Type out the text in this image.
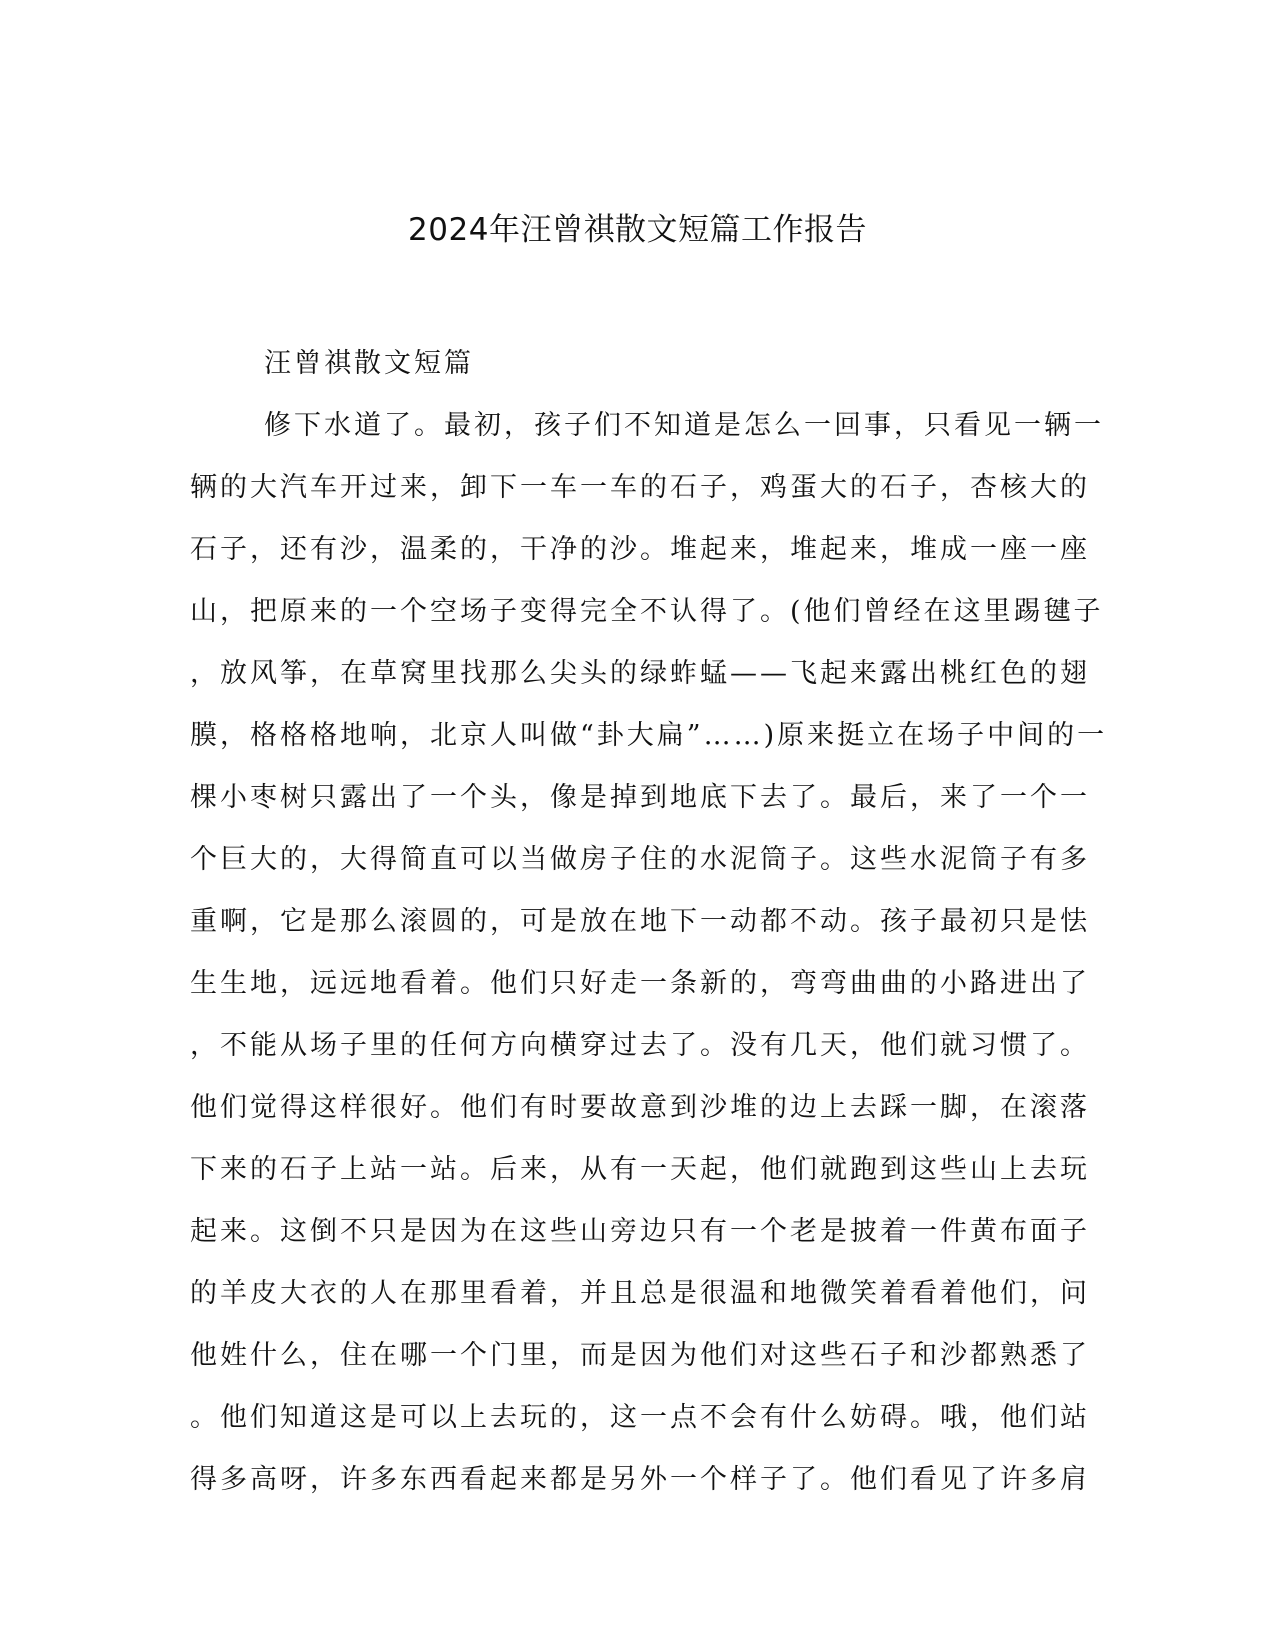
2024年汪曾祺散文短篇工作报告
汪曾祺散文短篇
修下水道了。最初，孩子们不知道是怎么一回事，只看见一辆一
辆的大汽车开过来，卸下一车一车的石子，鸡蛋大的石子，杏核大的
石子，还有沙，温柔的，干净的沙。堆起来，堆起来，堆成一座一座
山，把原来的一个空场子变得完全不认得了。(他们曾经在这里踢毽子
，放风筝，在草窝里找那么尖头的绿蚱蜢——飞起来露出桃红色的翅
膜，格格格地响，北京人叫做“卦大扁”……)原来挺立在场子中间的一
棵小枣树只露出了一个头，像是掉到地底下去了。最后，来了一个一
个巨大的，大得简直可以当做房子住的水泥筒子。这些水泥筒子有多
重啊，它是那么滚圆的，可是放在地下一动都不动。孩子最初只是怯
生生地，远远地看着。他们只好走一条新的，弯弯曲曲的小路进出了
，不能从场子里的任何方向横穿过去了。没有几天，他们就习惯了。
他们觉得这样很好。他们有时要故意到沙堆的边上去踩一脚，在滚落
下来的石子上站一站。后来，从有一天起，他们就跑到这些山上去玩
起来。这倒不只是因为在这些山旁边只有一个老是披着一件黄布面子
的羊皮大衣的人在那里看着，并且总是很温和地微笑着看着他们，问
他姓什么，住在哪一个门里，而是因为他们对这些石子和沙都熟悉了
。他们知道这是可以上去玩的，这一点不会有什么妨碍。哦，他们站
得多高呀，许多东西看起来都是另外一个样子了。他们看见了许多肩
